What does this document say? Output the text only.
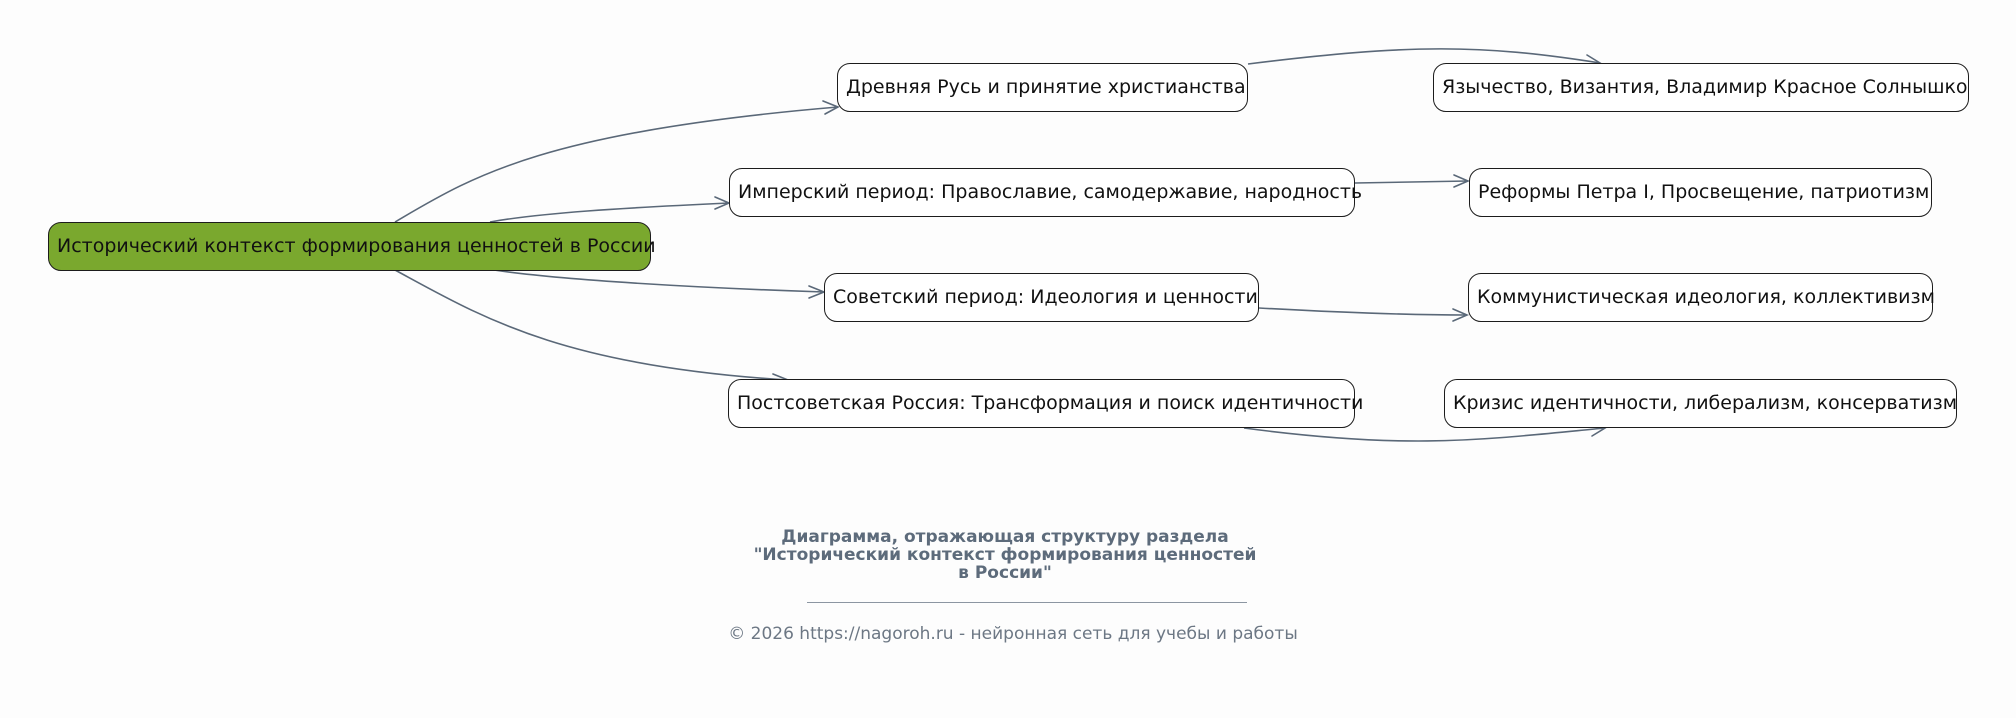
Исторический контекст формирования ценностей в России
Древняя Русь и принятие христианства
Имперский период: Православие, самодержавие, народность
Советский период: Идеология и ценности
Постсоветская Россия: Трансформация и поиск идентичности
Язычество, Византия, Владимир Красное Солнышко
Реформы Петра I, Просвещение, патриотизм
Коммунистическая идеология, коллективизм
Кризис идентичности, либерализм, консерватизм
Диаграмма, отражающая структуру раздела
"Исторический контекст формирования ценностей
в России"
© 2026 https://nagoroh.ru - нейронная сеть для учебы и работы
